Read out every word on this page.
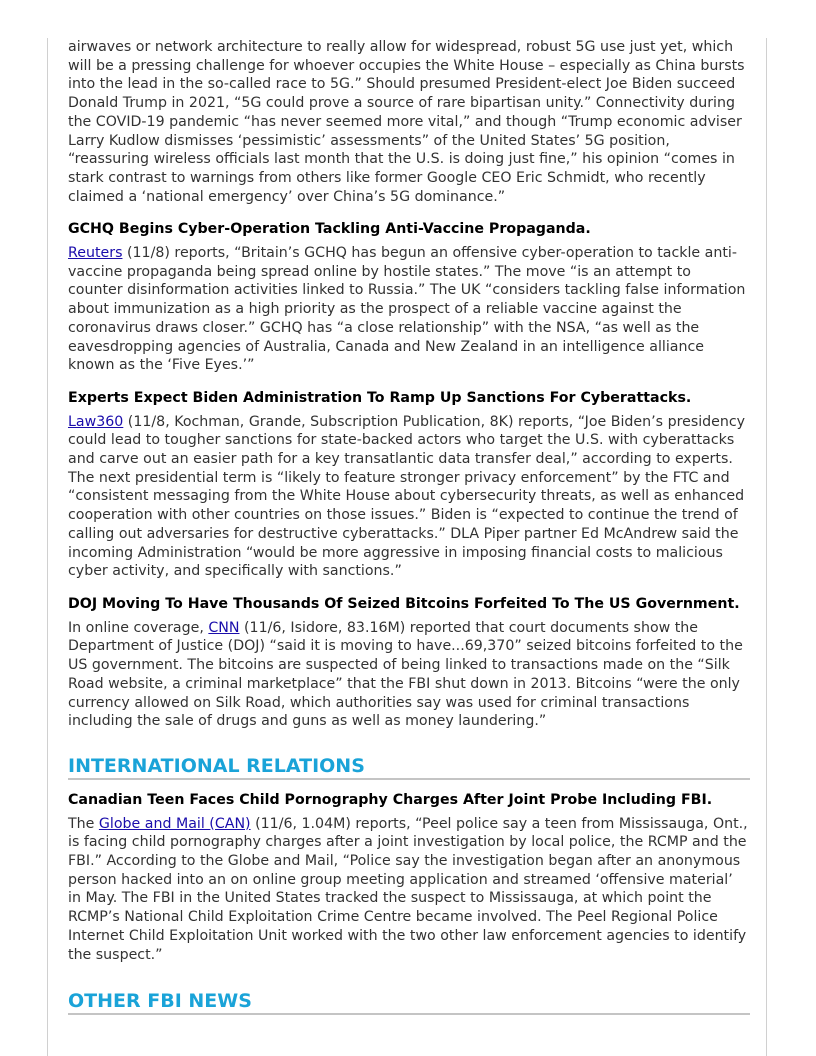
airwaves or network architecture to really allow for widespread, robust 5G use just yet, which will be a pressing challenge for whoever occupies the White House – especially as China bursts into the lead in the so-called race to 5G.” Should presumed President-elect Joe Biden succeed Donald Trump in 2021, “5G could prove a source of rare bipartisan unity.” Connectivity during the COVID-19 pandemic “has never seemed more vital,” and though “Trump economic adviser Larry Kudlow dismisses ‘pessimistic’ assessments” of the United States’ 5G position, “reassuring wireless officials last month that the U.S. is doing just fine,” his opinion “comes in stark contrast to warnings from others like former Google CEO Eric Schmidt, who recently claimed a ‘national emergency’ over China’s 5G dominance.”

GCHQ Begins Cyber-Operation Tackling Anti-Vaccine Propaganda.

Reuters (11/8) reports, “Britain’s GCHQ has begun an offensive cyber-operation to tackle anti-vaccine propaganda being spread online by hostile states.” The move “is an attempt to counter disinformation activities linked to Russia.” The UK “considers tackling false information about immunization as a high priority as the prospect of a reliable vaccine against the coronavirus draws closer.” GCHQ has “a close relationship” with the NSA, “as well as the eavesdropping agencies of Australia, Canada and New Zealand in an intelligence alliance known as the ‘Five Eyes.’”

Experts Expect Biden Administration To Ramp Up Sanctions For Cyberattacks.

Law360 (11/8, Kochman, Grande, Subscription Publication, 8K) reports, “Joe Biden’s presidency could lead to tougher sanctions for state-backed actors who target the U.S. with cyberattacks and carve out an easier path for a key transatlantic data transfer deal,” according to experts. The next presidential term is “likely to feature stronger privacy enforcement” by the FTC and “consistent messaging from the White House about cybersecurity threats, as well as enhanced cooperation with other countries on those issues.” Biden is “expected to continue the trend of calling out adversaries for destructive cyberattacks.” DLA Piper partner Ed McAndrew said the incoming Administration “would be more aggressive in imposing financial costs to malicious cyber activity, and specifically with sanctions.”

DOJ Moving To Have Thousands Of Seized Bitcoins Forfeited To The US Government.

In online coverage, CNN (11/6, Isidore, 83.16M) reported that court documents show the Department of Justice (DOJ) “said it is moving to have...69,370” seized bitcoins forfeited to the US government. The bitcoins are suspected of being linked to transactions made on the “Silk Road website, a criminal marketplace” that the FBI shut down in 2013. Bitcoins “were the only currency allowed on Silk Road, which authorities say was used for criminal transactions including the sale of drugs and guns as well as money laundering.”

INTERNATIONAL RELATIONS
Canadian Teen Faces Child Pornography Charges After Joint Probe Including FBI.

The Globe and Mail (CAN) (11/6, 1.04M) reports, “Peel police say a teen from Mississauga, Ont., is facing child pornography charges after a joint investigation by local police, the RCMP and the FBI.” According to the Globe and Mail, “Police say the investigation began after an anonymous person hacked into an on online group meeting application and streamed ‘offensive material’ in May. The FBI in the United States tracked the suspect to Mississauga, at which point the RCMP’s National Child Exploitation Crime Centre became involved. The Peel Regional Police Internet Child Exploitation Unit worked with the two other law enforcement agencies to identify the suspect.”

OTHER FBI NEWS
